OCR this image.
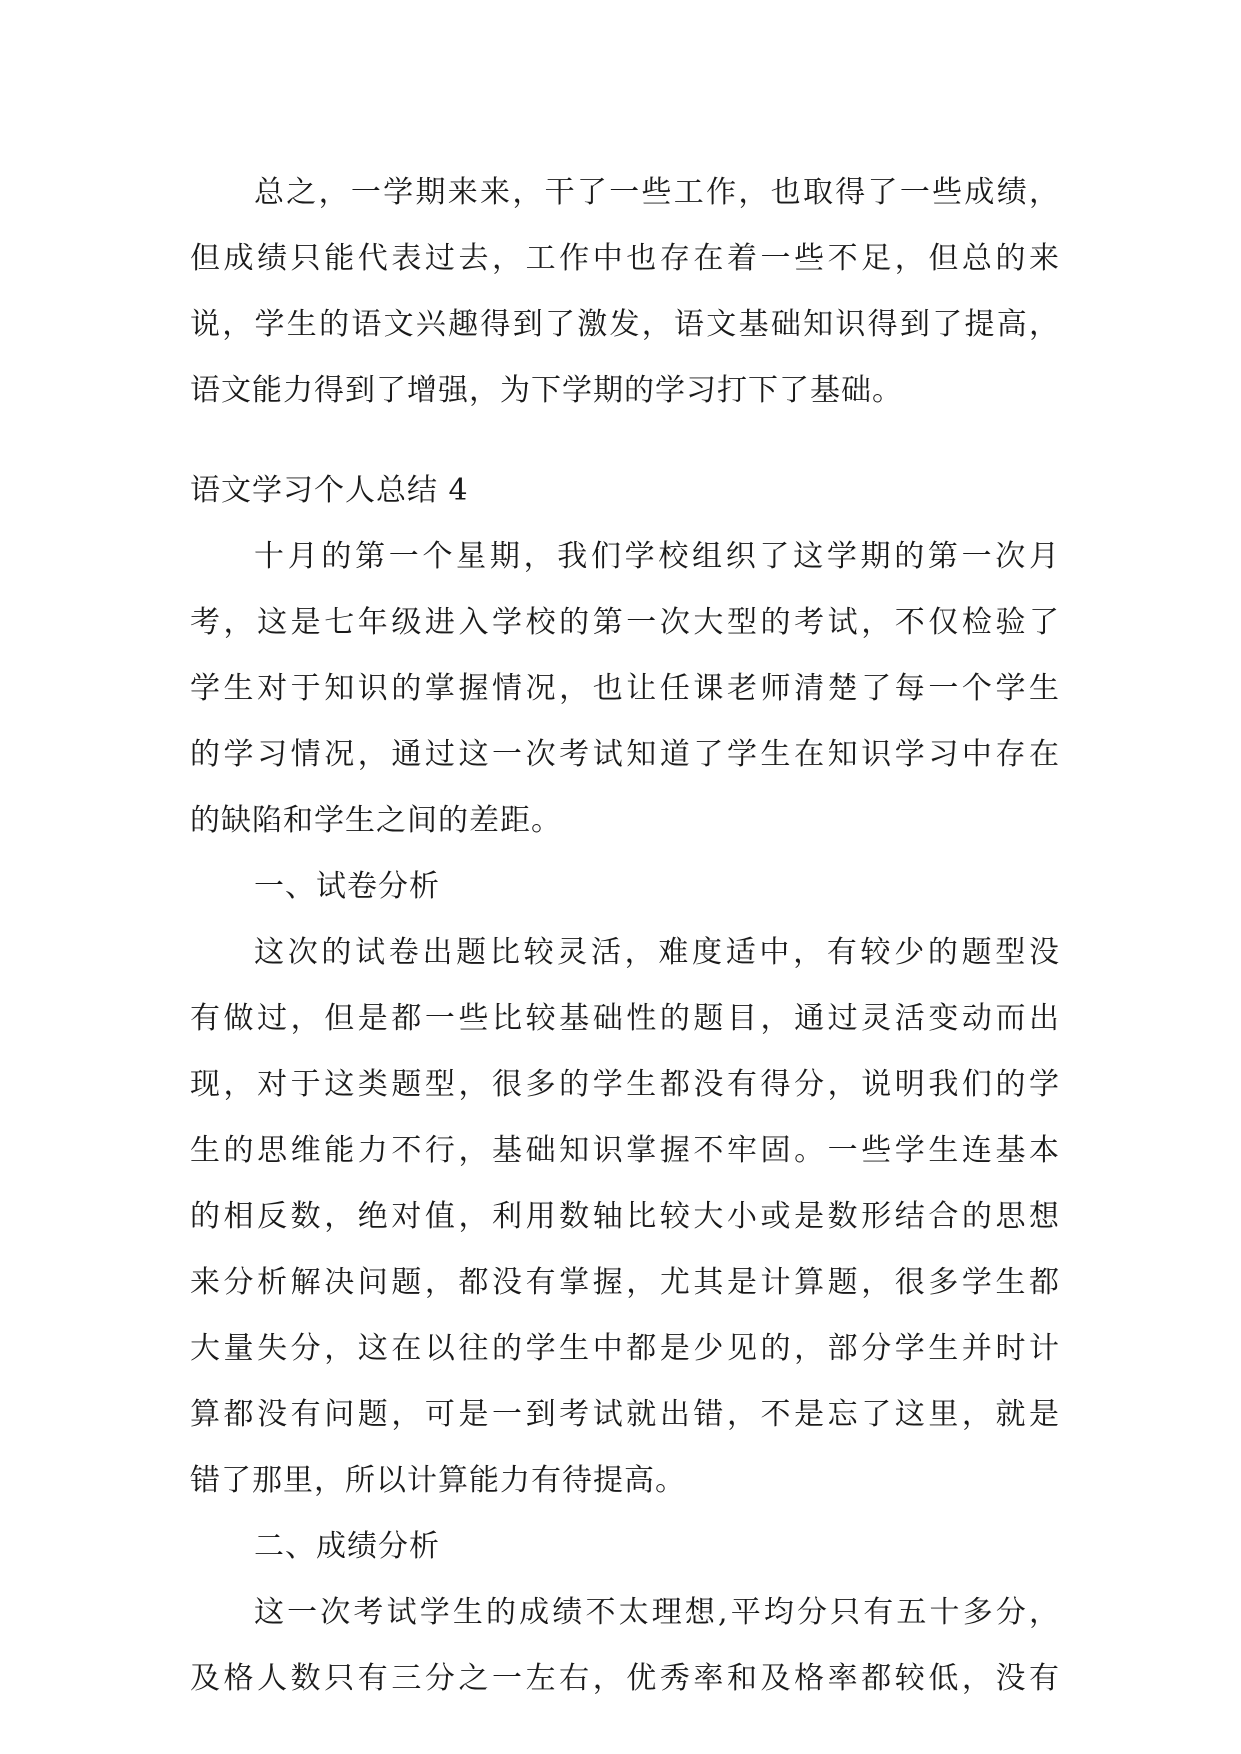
总之，一学期来来，干了一些工作，也取得了一些成绩，
但成绩只能代表过去，工作中也存在着一些不足，但总的来
说，学生的语文兴趣得到了激发，语文基础知识得到了提高，
语文能力得到了增强，为下学期的学习打下了基础。
语文学习个人总结 4
十月的第一个星期，我们学校组织了这学期的第一次月
考，这是七年级进入学校的第一次大型的考试，不仅检验了
学生对于知识的掌握情况，也让任课老师清楚了每一个学生
的学习情况，通过这一次考试知道了学生在知识学习中存在
的缺陷和学生之间的差距。
一、试卷分析
这次的试卷出题比较灵活，难度适中，有较少的题型没
有做过，但是都一些比较基础性的题目，通过灵活变动而出
现，对于这类题型，很多的学生都没有得分，说明我们的学
生的思维能力不行，基础知识掌握不牢固。一些学生连基本
的相反数，绝对值，利用数轴比较大小或是数形结合的思想
来分析解决问题，都没有掌握，尤其是计算题，很多学生都
大量失分，这在以往的学生中都是少见的，部分学生并时计
算都没有问题，可是一到考试就出错，不是忘了这里，就是
错了那里，所以计算能力有待提高。
二、成绩分析
这一次考试学生的成绩不太理想,平均分只有五十多分，
及格人数只有三分之一左右，优秀率和及格率都较低，没有
